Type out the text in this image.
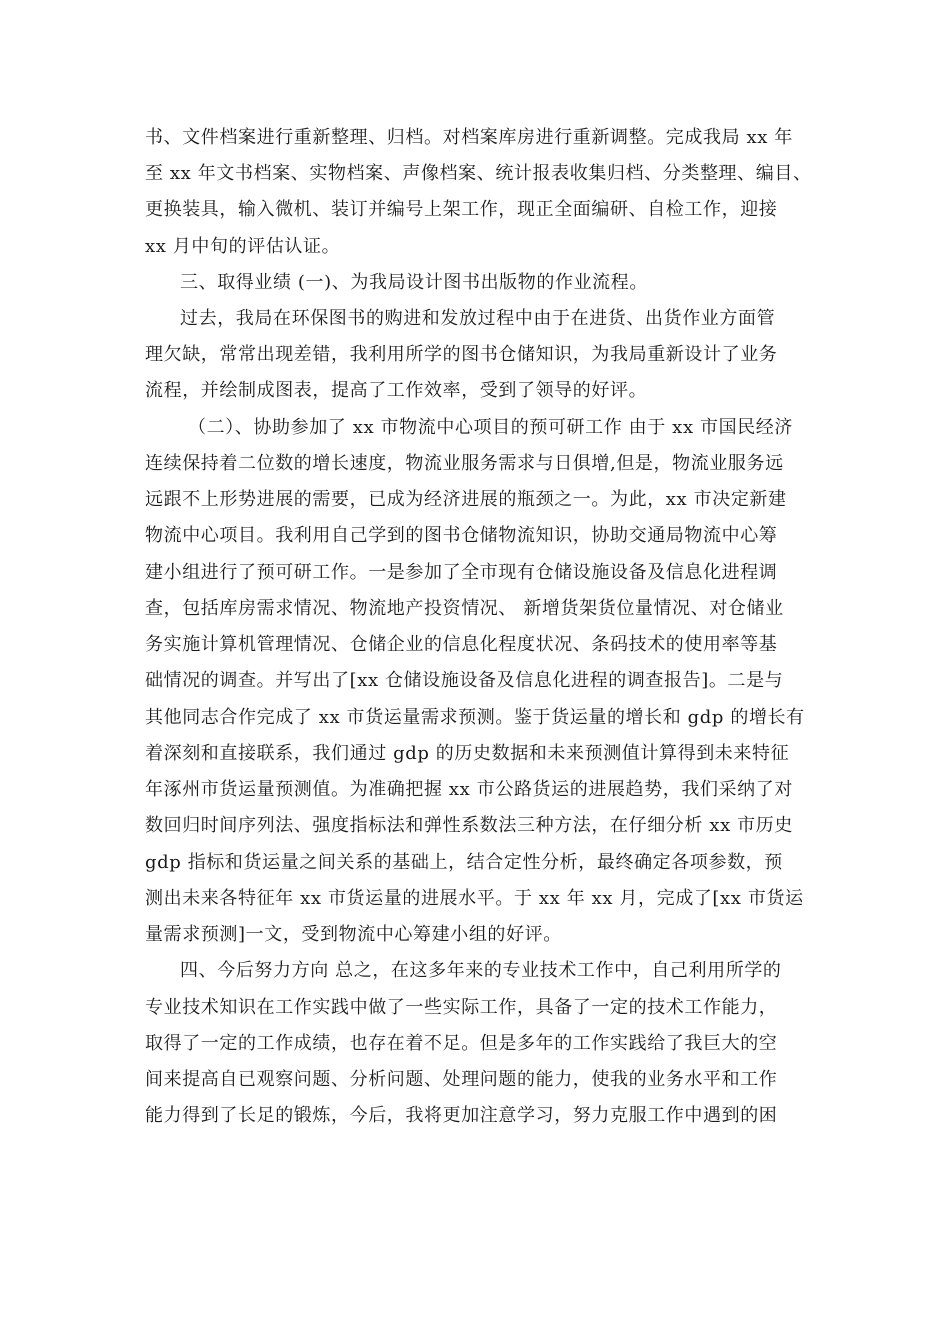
书、文件档案进行重新整理、归档。对档案库房进行重新调整。完成我局 xx 年
至 xx 年文书档案、实物档案、声像档案、统计报表收集归档、分类整理、编目、
更换装具，输入微机、装订并编号上架工作，现正全面编研、自检工作，迎接
xx 月中旬的评估认证。
三、取得业绩 (一)、为我局设计图书出版物的作业流程。
过去，我局在环保图书的购进和发放过程中由于在进货、出货作业方面管
理欠缺，常常出现差错，我利用所学的图书仓储知识，为我局重新设计了业务
流程，并绘制成图表，提高了工作效率，受到了领导的好评。
（二）、协助参加了 xx 市物流中心项目的预可研工作 由于 xx 市国民经济
连续保持着二位数的增长速度，物流业服务需求与日俱增,但是，物流业服务远
远跟不上形势进展的需要，已成为经济进展的瓶颈之一。为此，xx 市决定新建
物流中心项目。我利用自己学到的图书仓储物流知识，协助交通局物流中心筹
建小组进行了预可研工作。一是参加了全市现有仓储设施设备及信息化进程调
查，包括库房需求情况、物流地产投资情况、 新增货架货位量情况、对仓储业
务实施计算机管理情况、仓储企业的信息化程度状况、条码技术的使用率等基
础情况的调查。并写出了[xx 仓储设施设备及信息化进程的调查报告]。二是与
其他同志合作完成了 xx 市货运量需求预测。鉴于货运量的增长和 gdp 的增长有
着深刻和直接联系，我们通过 gdp 的历史数据和未来预测值计算得到未来特征
年涿州市货运量预测值。为准确把握 xx 市公路货运的进展趋势，我们采纳了对
数回归时间序列法、强度指标法和弹性系数法三种方法，在仔细分析 xx 市历史
gdp 指标和货运量之间关系的基础上，结合定性分析，最终确定各项参数，预
测出未来各特征年 xx 市货运量的进展水平。于 xx 年 xx 月，完成了[xx 市货运
量需求预测]一文，受到物流中心筹建小组的好评。
四、今后努力方向 总之，在这多年来的专业技术工作中，自己利用所学的
专业技术知识在工作实践中做了一些实际工作，具备了一定的技术工作能力，
取得了一定的工作成绩，也存在着不足。但是多年的工作实践给了我巨大的空
间来提高自已观察问题、分析问题、处理问题的能力，使我的业务水平和工作
能力得到了长足的锻炼，今后，我将更加注意学习，努力克服工作中遇到的困
